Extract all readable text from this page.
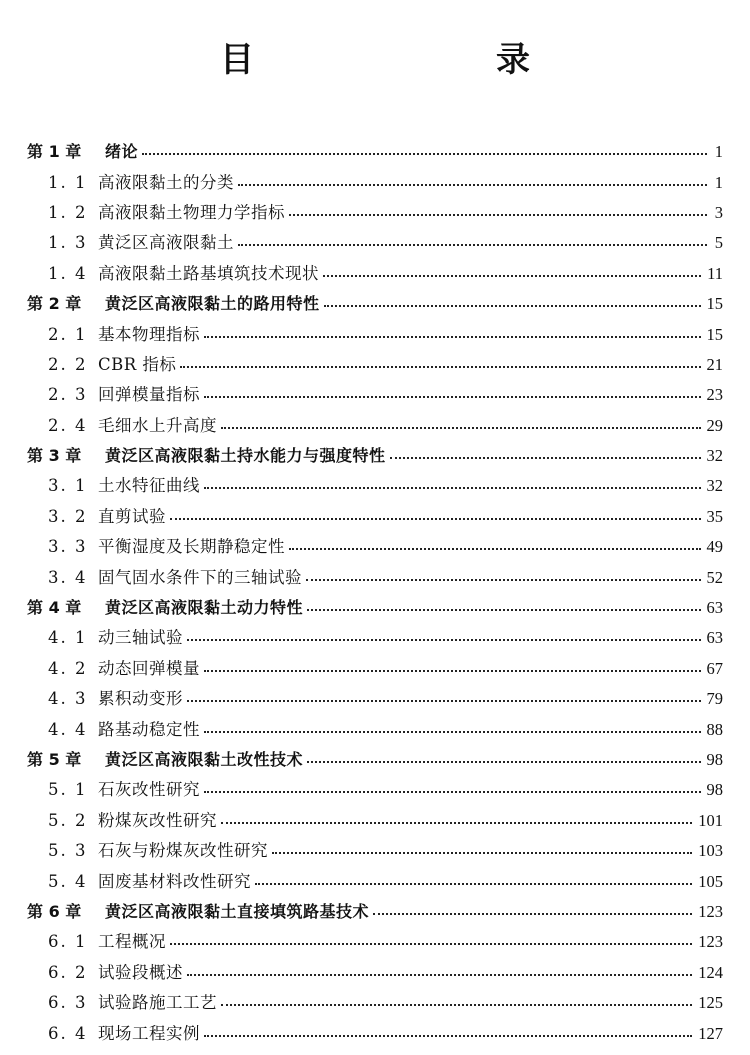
目　　录
第 1 章	绪论	1
1. 1 高液限黏土的分类	1
1. 2 高液限黏土物理力学指标	3
1. 3 黄泛区高液限黏土	5
1. 4 高液限黏土路基填筑技术现状	11
第 2 章	黄泛区高液限黏土的路用特性	15
2. 1 基本物理指标	15
2. 2 CBR 指标	21
2. 3 回弹模量指标	23
2. 4 毛细水上升高度	29
第 3 章	黄泛区高液限黏土持水能力与强度特性	32
3. 1 土水特征曲线	32
3. 2 直剪试验	35
3. 3 平衡湿度及长期静稳定性	49
3. 4 固气固水条件下的三轴试验	52
第 4 章	黄泛区高液限黏土动力特性	63
4. 1 动三轴试验	63
4. 2 动态回弹模量	67
4. 3 累积动变形	79
4. 4 路基动稳定性	88
第 5 章	黄泛区高液限黏土改性技术	98
5. 1 石灰改性研究	98
5. 2 粉煤灰改性研究	101
5. 3 石灰与粉煤灰改性研究	103
5. 4 固废基材料改性研究	105
第 6 章	黄泛区高液限黏土直接填筑路基技术	123
6. 1 工程概况	123
6. 2 试验段概述	124
6. 3 试验路施工工艺	125
6. 4 现场工程实例	127
